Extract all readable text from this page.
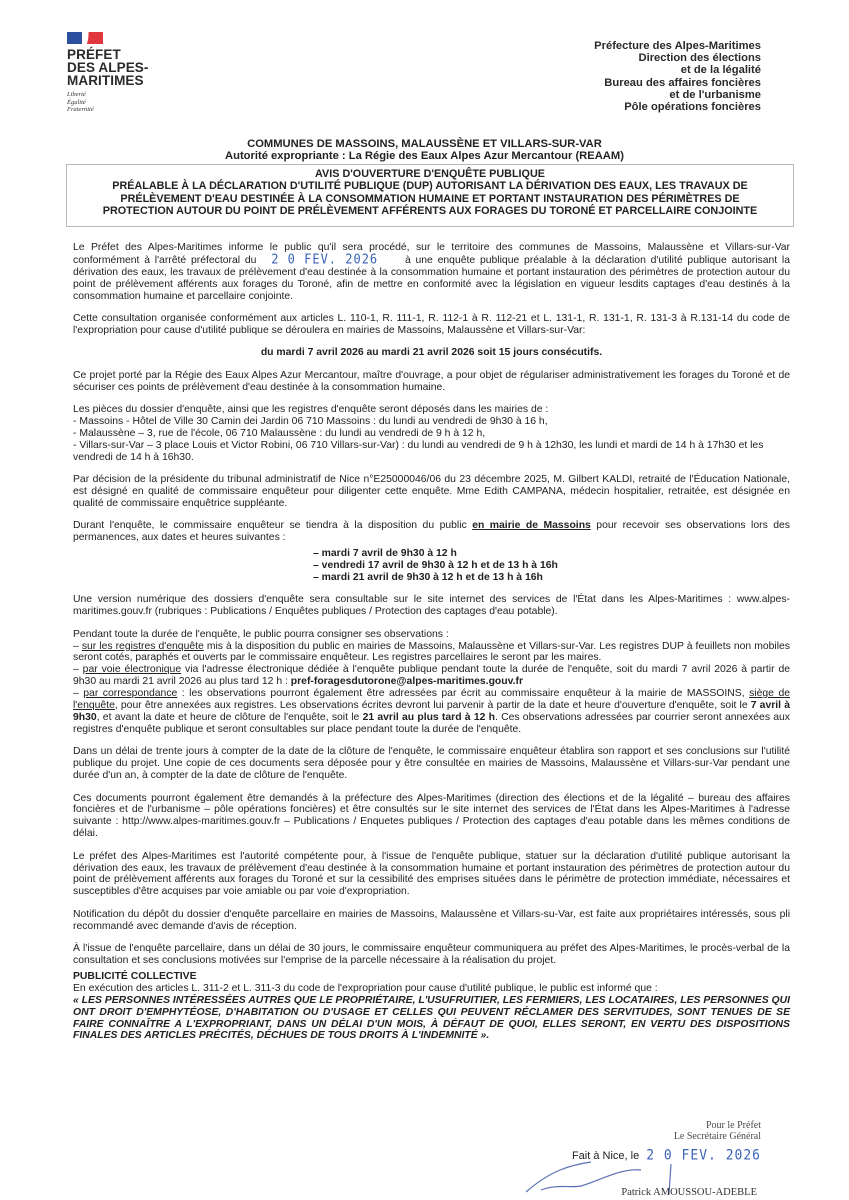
PRÉFET
DES ALPES-
MARITIMES
Liberté
Égalité
Fraternité
Préfecture des Alpes-Maritimes
Direction des élections
et de la légalité
Bureau des affaires foncières
et de l'urbanisme
Pôle opérations foncières
COMMUNES DE MASSOINS, MALAUSSÈNE ET VILLARS-SUR-VAR
Autorité expropriante : La Régie des Eaux Alpes Azur Mercantour (REAAM)
AVIS D'OUVERTURE D'ENQUÊTE PUBLIQUE
PRÉALABLE À LA DÉCLARATION D'UTILITÉ PUBLIQUE (DUP) AUTORISANT LA DÉRIVATION DES EAUX, LES TRAVAUX DE
PRÉLÈVEMENT D'EAU DESTINÉE À LA CONSOMMATION HUMAINE ET PORTANT INSTAURATION DES PÉRIMÈTRES DE
PROTECTION AUTOUR DU POINT DE PRÉLÈVEMENT AFFÉRENTS AUX FORAGES DU TORONÉ ET PARCELLAIRE CONJOINTE

Le Préfet des Alpes-Maritimes informe le public qu'il sera procédé, sur le territoire des communes de Massoins, Malaussène et Villars-sur-Var conformément à l'arrêté préfectoral du 2 0 FEV. 2026	à une enquête publique préalable à la déclaration d'utilité publique autorisant la dérivation des eaux, les travaux de prélèvement d'eau destinée à la consommation humaine et portant instauration des périmètres de protection autour du point de prélèvement afférents aux forages du Toroné, afin de mettre en conformité avec la législation en vigueur lesdits captages d'eau destinés à la consommation humaine et parcellaire conjointe.

Cette consultation organisée conformément aux articles L. 110-1, R. 111-1, R. 112-1 à R. 112-21 et L. 131-1, R. 131-1, R. 131-3 à R.131-14 du code de l'expropriation pour cause d'utilité publique se déroulera en mairies de Massoins, Malaussène et Villars-sur-Var:

du mardi 7 avril 2026 au mardi 21 avril 2026 soit 15 jours consécutifs.

Ce projet porté par la Régie des Eaux Alpes Azur Mercantour, maître d'ouvrage, a pour objet de régulariser administrativement les forages du Toroné et de sécuriser ces points de prélèvement d'eau destinée à la consommation humaine.

Les pièces du dossier d'enquête, ainsi que les registres d'enquête seront déposés dans les mairies de :
- Massoins - Hôtel de Ville 30 Camin dei Jardin 06 710 Massoins : du lundi au vendredi de 9h30 à 16 h,
- Malaussène – 3, rue de l'école, 06 710 Malaussène : du lundi au vendredi de 9 h à 12 h,
- Villars-sur-Var – 3 place Louis et Victor Robini, 06 710 Villars-sur-Var) : du lundi au vendredi de 9 h à 12h30, les lundi et mardi de 14 h à 17h30 et les vendredi de 14 h à 16h30.

Par décision de la présidente du tribunal administratif de Nice n°E25000046/06 du 23 décembre 2025, M. Gilbert KALDI, retraité de l'Éducation Nationale, est désigné en qualité de commissaire enquêteur pour diligenter cette enquête. Mme Edith CAMPANA, médecin hospitalier, retraitée, est désignée en qualité de commissaire enquêtrice suppléante.

Durant l'enquête, le commissaire enquêteur se tiendra à la disposition du public en mairie de Massoins pour recevoir ses observations lors des permanences, aux dates et heures suivantes :

– mardi 7 avril de 9h30 à 12 h
– vendredi 17 avril de 9h30 à 12 h et de 13 h à 16h
– mardi 21 avril de 9h30 à 12 h et de 13 h à 16h

Une version numérique des dossiers d'enquête sera consultable sur le site internet des services de l'État dans les Alpes-Maritimes : www.alpes-maritimes.gouv.fr (rubriques : Publications / Enquêtes publiques / Protection des captages d'eau potable).

Pendant toute la durée de l'enquête, le public pourra consigner ses observations :
– sur les registres d'enquête mis à la disposition du public en mairies de Massoins, Malaussène et Villars-sur-Var. Les registres DUP à feuillets non mobiles seront cotés, paraphés et ouverts par le commissaire enquêteur. Les registres parcellaires le seront par les maires.
– par voie électronique via l'adresse électronique dédiée à l'enquête publique pendant toute la durée de l'enquête, soit du mardi 7 avril 2026 à partir de 9h30 au mardi 21 avril 2026 au plus tard 12 h : pref-foragesdutorone@alpes-maritimes.gouv.fr
– par correspondance : les observations pourront également être adressées par écrit au commissaire enquêteur à la mairie de MASSOINS, siège de l'enquête, pour être annexées aux registres. Les observations écrites devront lui parvenir à partir de la date et heure d'ouverture d'enquête, soit le 7 avril à 9h30, et avant la date et heure de clôture de l'enquête, soit le 21 avril au plus tard à 12 h. Ces observations adressées par courrier seront annexées aux registres d'enquête publique et seront consultables sur place pendant toute la durée de l'enquête.

Dans un délai de trente jours à compter de la date de la clôture de l'enquête, le commissaire enquêteur établira son rapport et ses conclusions sur l'utilité publique du projet. Une copie de ces documents sera déposée pour y être consultée en mairies de Massoins, Malaussène et Villars-sur-Var pendant une durée d'un an, à compter de la date de clôture de l'enquête.

Ces documents pourront également être demandés à la préfecture des Alpes-Maritimes (direction des élections et de la légalité – bureau des affaires foncières et de l'urbanisme – pôle opérations foncières) et être consultés sur le site internet des services de l'État dans les Alpes-Maritimes à l'adresse suivante : http://www.alpes-maritimes.gouv.fr – Publications / Enquetes publiques / Protection des captages d'eau potable dans les mêmes conditions de délai.

Le préfet des Alpes-Maritimes est l'autorité compétente pour, à l'issue de l'enquête publique, statuer sur la déclaration d'utilité publique autorisant la dérivation des eaux, les travaux de prélèvement d'eau destinée à la consommation humaine et portant instauration des périmètres de protection autour du point de prélèvement afférents aux forages du Toroné et sur la cessibilité des emprises situées dans le périmètre de protection immédiate, nécessaires et susceptibles d'être acquises par voie amiable ou par voie d'expropriation.

Notification du dépôt du dossier d'enquête parcellaire en mairies de Massoins, Malaussène et Villars-su-Var, est faite aux propriétaires intéressés, sous pli recommandé avec demande d'avis de réception.

À l'issue de l'enquête parcellaire, dans un délai de 30 jours, le commissaire enquêteur communiquera au préfet des Alpes-Maritimes, le procès-verbal de la consultation et ses conclusions motivées sur l'emprise de la parcelle nécessaire à la réalisation du projet.

PUBLICITÉ COLLECTIVE

En exécution des articles L. 311-2 et L. 311-3 du code de l'expropriation pour cause d'utilité publique, le public est informé que :

« LES PERSONNES INTÉRESSÉES AUTRES QUE LE PROPRIÉTAIRE, L'USUFRUITIER, LES FERMIERS, LES LOCATAIRES, LES PERSONNES QUI ONT DROIT D'EMPHYTÉOSE, D'HABITATION OU D'USAGE ET CELLES QUI PEUVENT RÉCLAMER DES SERVITUDES, SONT TENUES DE SE FAIRE CONNAÎTRE A L'EXPROPRIANT, DANS UN DÉLAI D'UN MOIS, À DÉFAUT DE QUOI, ELLES SERONT, EN VERTU DES DISPOSITIONS FINALES DES ARTICLES PRÉCITÉS, DÉCHUES DE TOUS DROITS À L'INDEMNITÉ ».

Pour le Préfet
Le Secrétaire Général
Fait à Nice, le 2 0 FEV. 2026
Patrick AMOUSSOU-ADEBLE
